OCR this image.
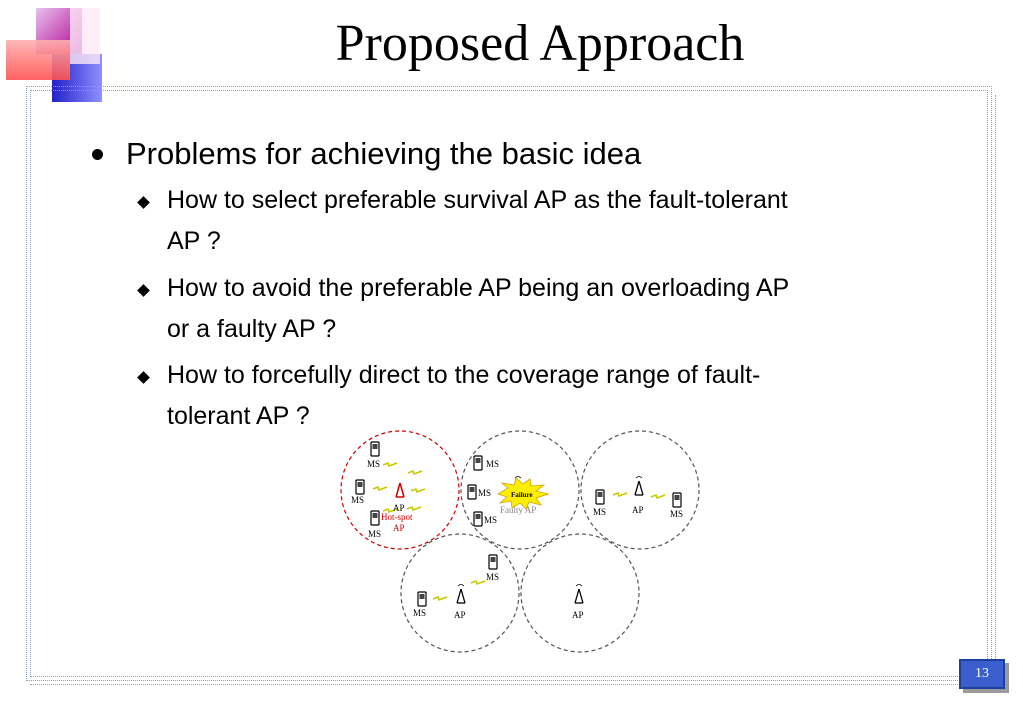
Proposed Approach
Problems for achieving the basic idea
How to select preferable survival AP as the fault-tolerant
AP ?
How to avoid the preferable AP being an overloading AP
or a faulty AP ?
How to forcefully direct to the coverage range of fault-
tolerant AP ?
MS
MS
MS
AP
Hot-spot
AP
MS
MS
MS
Failure
Faulty AP	MS	AP	MS
MS
MS	AP	AP
13
